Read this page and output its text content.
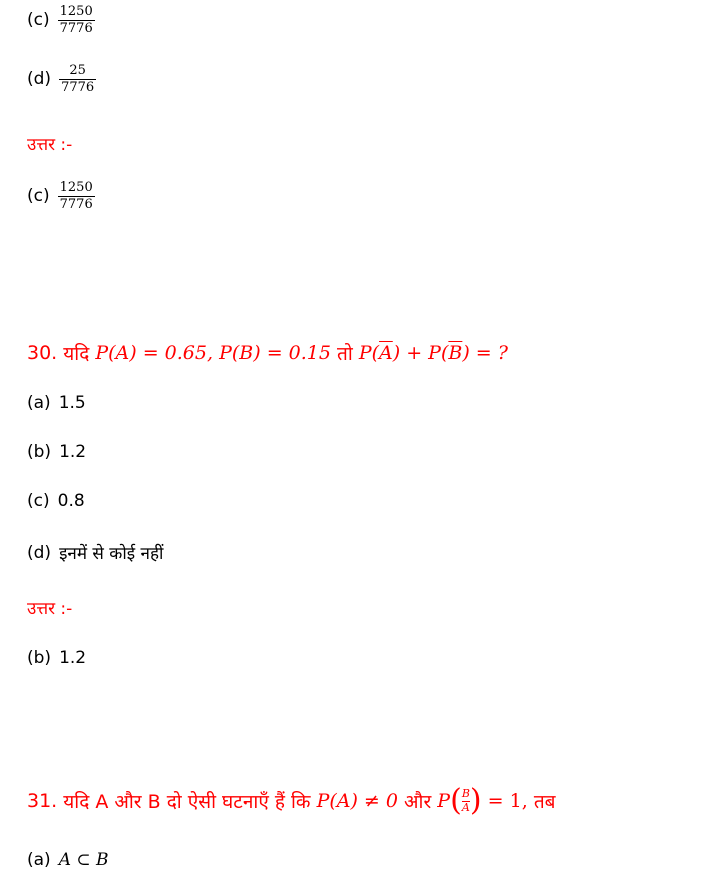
$(c) \frac{1250}{7776}$
$(d) \frac{25}{7776}$
उत्तर :-
$(c) \frac{1250}{7776}$
30.
यदि
P(A) = 0.65,
P(B) = 0.15
तो
$P(\overline{A}) + P(\overline{B})$ = ?
(a) 1.5
(b) 1.2
(c) 0.8
(d) इनमें से कोई नहीं
उत्तर :-
(b) 1.2
31.
यदि A और B दो ऐसी घटनाएँ हैं कि
P(A) ≠ 0
और
P ( B
A )
= 1,
तब
(a) A ⊂ B
